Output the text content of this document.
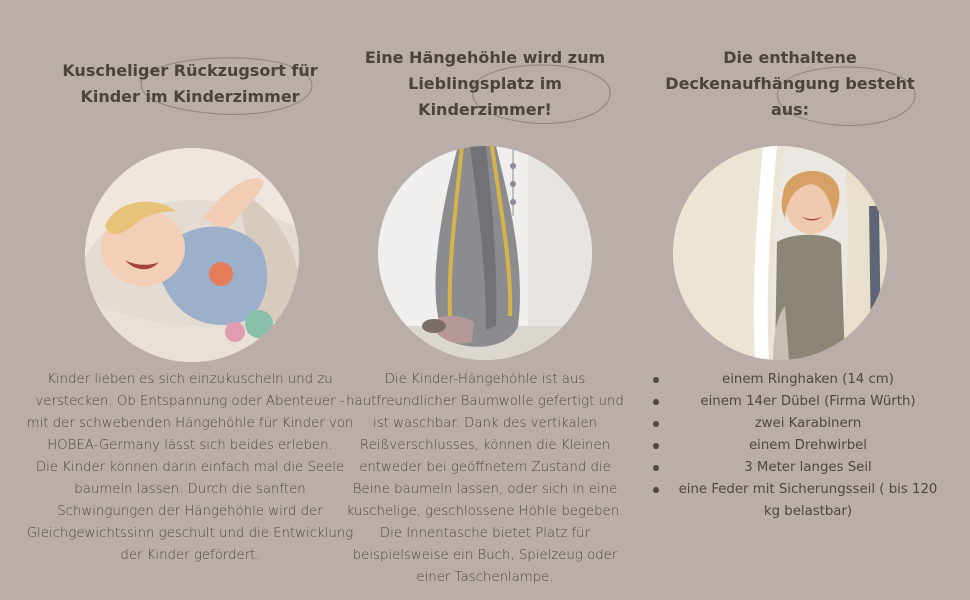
Kuscheliger Rückzugsort für
Kinder im Kinderzimmer

Kinder lieben es sich einzukuscheln und zu verstecken. Ob Entspannung oder Abenteuer - mit der schwebenden Hängehöhle für Kinder von HOBEA-Germany lässt sich beides erleben.

Die Kinder können darin einfach mal die Seele baumeln lassen. Durch die sanften Schwingungen der Hängehöhle wird der Gleichgewichtssinn geschult und die Entwicklung der Kinder gefördert.

Eine Hängehöhle wird zum
Lieblingsplatz im
Kinderzimmer!

Die Kinder-Hängehöhle ist aus hautfreundlicher Baumwolle gefertigt und ist waschbar. Dank des vertikalen Reißverschlusses, können die Kleinen entweder bei geöffnetem Zustand die Beine baumeln lassen, oder sich in eine kuschelige, geschlossene Höhle begeben. Die Innentasche bietet Platz für beispielsweise ein Buch, Spielzeug oder einer Taschenlampe.

Die enthaltene
Deckenaufhängung besteht
aus:
einem Ringhaken (14 cm)
einem 14er Dübel (Firma Würth)
zwei Karabinern
einem Drehwirbel
3 Meter langes Seil
eine Feder mit Sicherungsseil ( bis 120 kg belastbar)
